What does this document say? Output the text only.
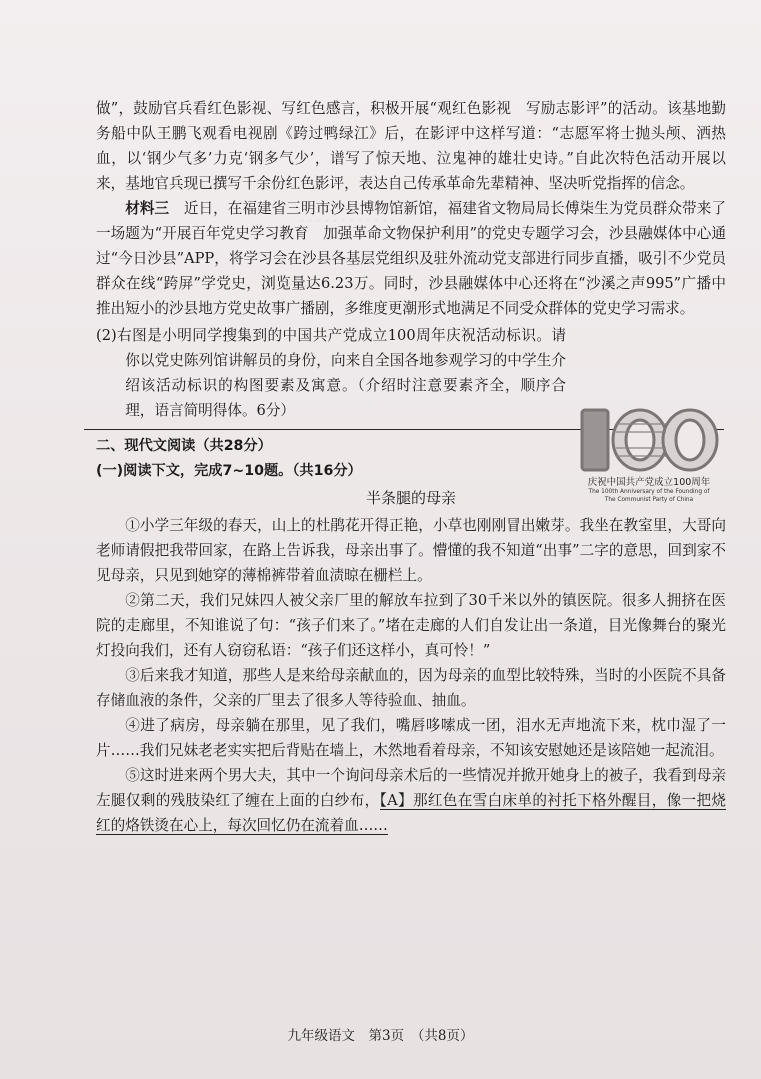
· · · · · · · · · · · ·

做”，鼓励官兵看红色影视、写红色感言，积极开展“观红色影视　写励志影评”的活动。该基地勤务船中队王鹏飞观看电视剧《跨过鸭绿江》后，在影评中这样写道：“志愿军将士抛头颅、洒热血，以‘钢少气多’力克‘钢多气少’，谱写了惊天地、泣鬼神的雄壮史诗。”自此次特色活动开展以来，基地官兵现已撰写千余份红色影评，表达自己传承革命先辈精神、坚决听党指挥的信念。

材料三　 近日，在福建省三明市沙县博物馆新馆，福建省文物局局长傅柒生为党员群众带来了一场题为“开展百年党史学习教育　加强革命文物保护利用”的党史专题学习会，沙县融媒体中心通过“今日沙县”APP，将学习会在沙县各基层党组织及驻外流动党支部进行同步直播，吸引不少党员群众在线“跨屏”学党史，浏览量达6.23万。同时，沙县融媒体中心还将在“沙溪之声995”广播中推出短小的沙县地方党史故事广播剧，多维度更潮形式地满足不同受众群体的党史学习需求。

(2)右图是小明同学搜集到的中国共产党成立100周年庆祝活动标识。请你以党史陈列馆讲解员的身份，向来自全国各地参观学习的中学生介绍该活动标识的构图要素及寓意。（介绍时注意要素齐全，顺序合理，语言简明得体。6分）

二、现代文阅读（共28分）

(一)阅读下文，完成7~10题。（共16分）

半条腿的母亲

①小学三年级的春天，山上的杜鹃花开得正艳，小草也刚刚冒出嫩芽。我坐在教室里，大哥向老师请假把我带回家，在路上告诉我，母亲出事了。懵懂的我不知道“出事”二字的意思，回到家不见母亲，只见到她穿的薄棉裤带着血渍晾在栅栏上。

②第二天，我们兄妹四人被父亲厂里的解放车拉到了30千米以外的镇医院。很多人拥挤在医院的走廊里，不知谁说了句：“孩子们来了。”堵在走廊的人们自发让出一条道，目光像舞台的聚光灯投向我们，还有人窃窃私语：“孩子们还这样小，真可怜！”

③后来我才知道，那些人是来给母亲献血的，因为母亲的血型比较特殊，当时的小医院不具备存储血液的条件，父亲的厂里去了很多人等待验血、抽血。

④进了病房，母亲躺在那里，见了我们，嘴唇哆嗦成一团，泪水无声地流下来，枕巾湿了一片……我们兄妹老老实实把后背贴在墙上，木然地看着母亲，不知该安慰她还是该陪她一起流泪。

⑤这时进来两个男大夫，其中一个询问母亲术后的一些情况并掀开她身上的被子，我看到母亲左腿仅剩的残肢染红了缠在上面的白纱布，【A】那红色在雪白床单的衬托下格外醒目，像一把烧红的烙铁烫在心上，每次回忆仍在流着血……

庆祝中国共产党成立100周年
The 100th Anniversary of the Founding of
The Communist Party of China
九年级语文　第3页　（共8页）
